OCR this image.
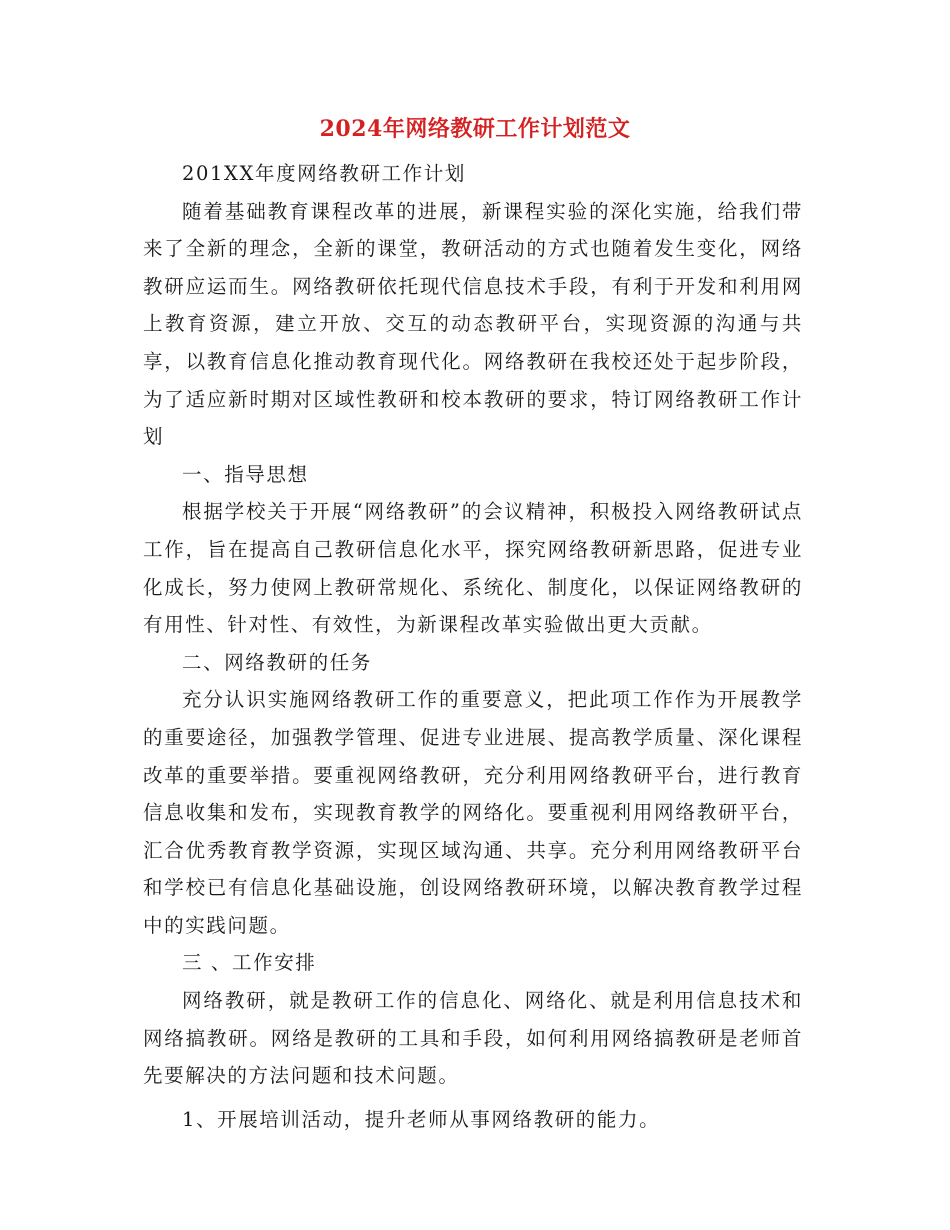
2024年网络教研工作计划范文

201XX年度网络教研工作计划

随着基础教育课程改革的进展，新课程实验的深化实施，给我们带来了全新的理念，全新的课堂，教研活动的方式也随着发生变化，网络教研应运而生。网络教研依托现代信息技术手段，有利于开发和利用网上教育资源，建立开放、交互的动态教研平台，实现资源的沟通与共享，以教育信息化推动教育现代化。网络教研在我校还处于起步阶段，为了适应新时期对区域性教研和校本教研的要求，特订网络教研工作计划

一、指导思想

根据学校关于开展“网络教研”的会议精神，积极投入网络教研试点工作，旨在提高自己教研信息化水平，探究网络教研新思路，促进专业化成长，努力使网上教研常规化、系统化、制度化，以保证网络教研的有用性、针对性、有效性，为新课程改革实验做出更大贡献。

二、网络教研的任务

充分认识实施网络教研工作的重要意义，把此项工作作为开展教学的重要途径，加强教学管理、促进专业进展、提高教学质量、深化课程改革的重要举措。要重视网络教研，充分利用网络教研平台，进行教育信息收集和发布，实现教育教学的网络化。要重视利用网络教研平台，汇合优秀教育教学资源，实现区域沟通、共享。充分利用网络教研平台和学校已有信息化基础设施，创设网络教研环境，以解决教育教学过程中的实践问题。

三 、工作安排

网络教研，就是教研工作的信息化、网络化、就是利用信息技术和网络搞教研。网络是教研的工具和手段，如何利用网络搞教研是老师首先要解决的方法问题和技术问题。

1、开展培训活动，提升老师从事网络教研的能力。
